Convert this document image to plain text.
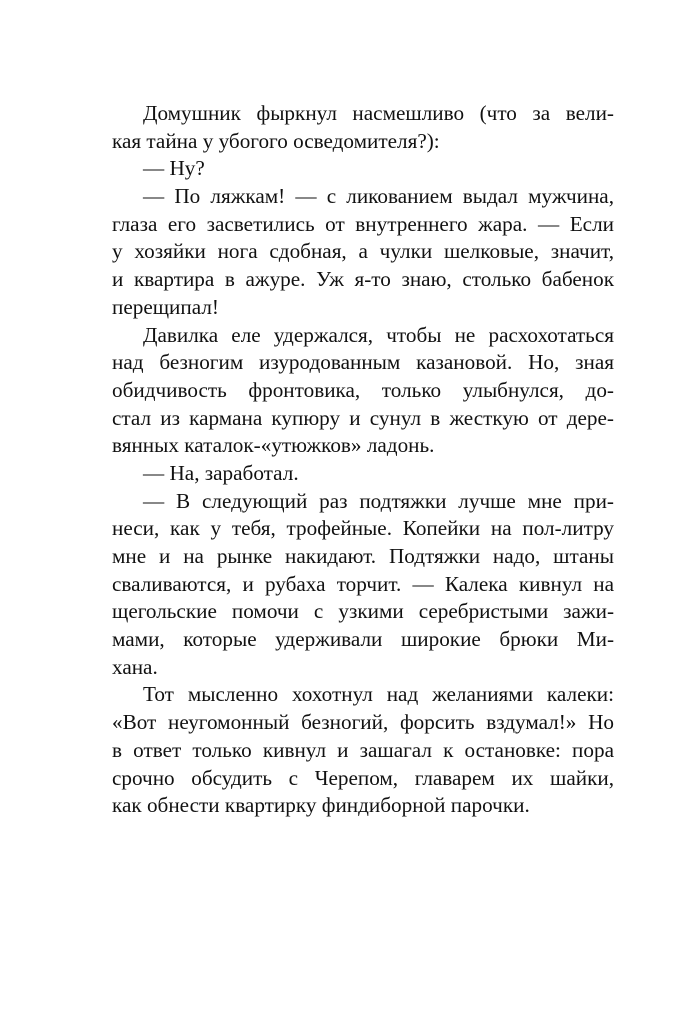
Домушник фыркнул насмешливо (что за вели-
кая тайна у убогого осведомителя?):
— Ну?
— По ляжкам! — с ликованием выдал мужчина,
глаза его засветились от внутреннего жара. — Если
у хозяйки нога сдобная, а чулки шелковые, значит,
и квартира в ажуре. Уж я-то знаю, столько бабенок
перещипал!
Давилка еле удержался, чтобы не расхохотаться
над безногим изуродованным казановой. Но, зная
обидчивость фронтовика, только улыбнулся, до-
стал из кармана купюру и сунул в жесткую от дере-
вянных каталок-«утюжков» ладонь.
— На, заработал.
— В следующий раз подтяжки лучше мне при-
неси, как у тебя, трофейные. Копейки на пол-литру
мне и на рынке накидают. Подтяжки надо, штаны
сваливаются, и рубаха торчит. — Калека кивнул на
щегольские помочи с узкими серебристыми зажи-
мами, которые удерживали широкие брюки Ми-
хана.
Тот мысленно хохотнул над желаниями калеки:
«Вот неугомонный безногий, форсить вздумал!» Но
в ответ только кивнул и зашагал к остановке: пора
срочно обсудить с Черепом, главарем их шайки,
как обнести квартирку финдиборной парочки.
